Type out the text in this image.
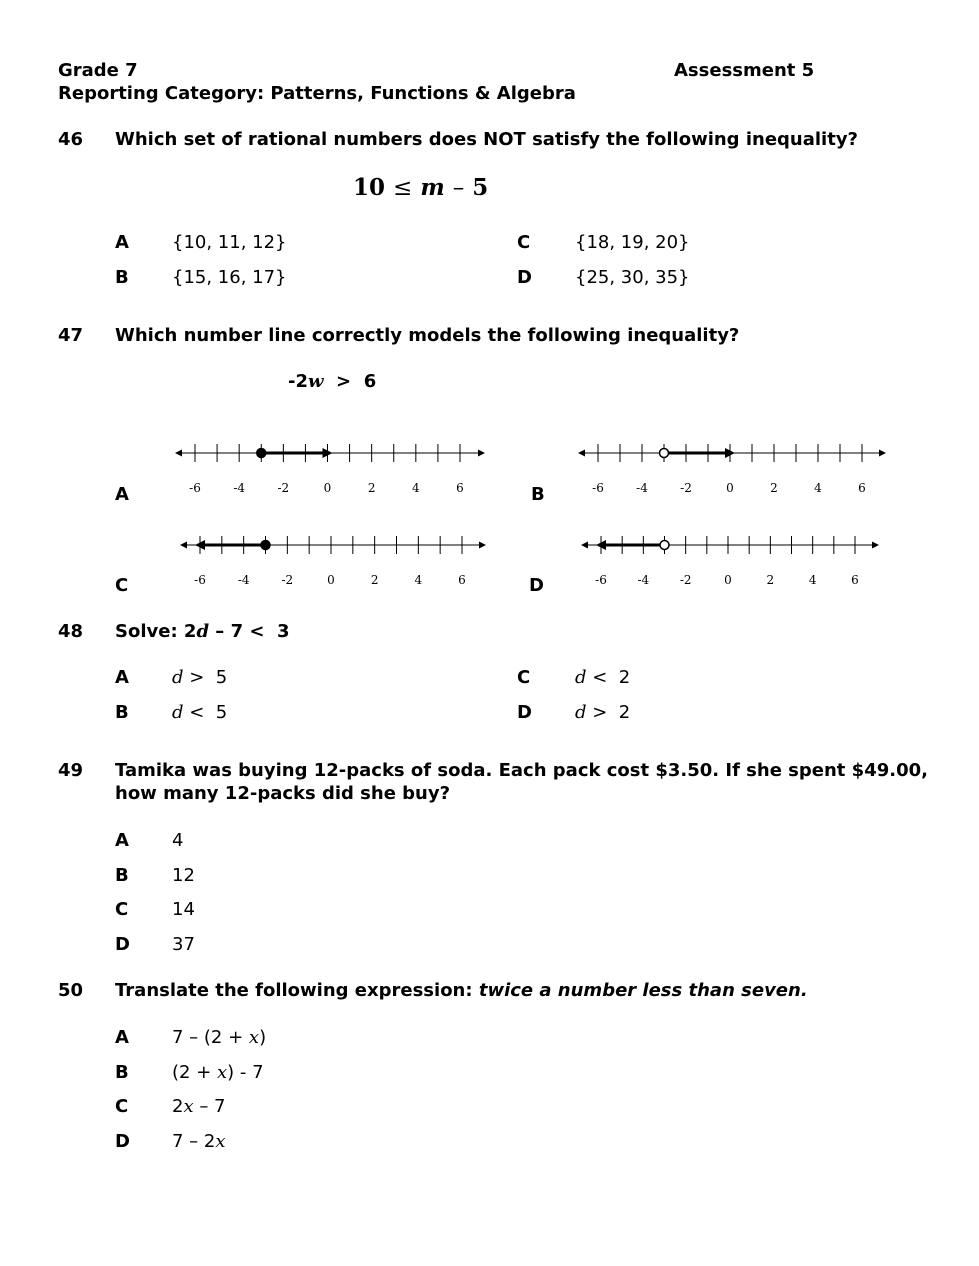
Grade 7	Assessment 5
Reporting Category: Patterns, Functions & Algebra
46 Which set of rational numbers does NOT satisfy the following inequality?
10 ≤ m – 5
A {10, 11, 12}
B {15, 16, 17}
C {18, 19, 20}
D {25, 30, 35}
47 Which number line correctly models the following inequality?
-2w > 6
A	B
C	D
-6	-4	-2	0	2	4	6	-6	-4	-2	0	2	4	6
-6	-4	-2	0	2	4	6	-6	-4	-2	0	2	4	6
48 Solve: 2d – 7 <  3
A d >  5
B d <  5
C d <  2
D d >  2
49 Tamika was buying 12-packs of soda. Each pack cost $3.50. If she spent $49.00,
how many 12-packs did she buy?
A 4
B 12
C 14
D 37
50 Translate the following expression: twice a number less than seven.
A 7 – (2 + x)
B (2 + x) - 7
C 2x – 7
D 7 – 2x
